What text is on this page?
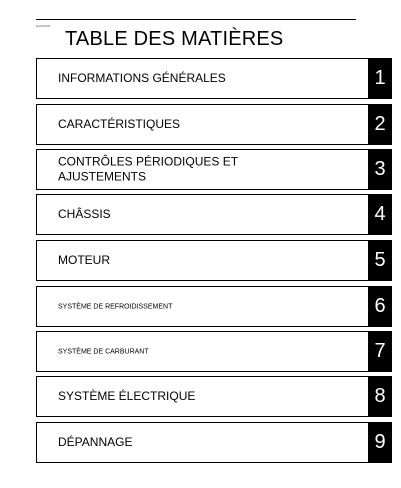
EAS10003
TABLE DES MATIÈRES
INFORMATIONS GÉNÉRALES	1
CARACTÉRISTIQUES	2
CONTRÔLES PÉRIODIQUES ET AJUSTEMENTS	3
CHÂSSIS	4
MOTEUR	5
SYSTÈME DE REFROIDISSEMENT	6
SYSTÈME DE CARBURANT	7
SYSTÈME ÉLECTRIQUE	8
DÉPANNAGE	9
